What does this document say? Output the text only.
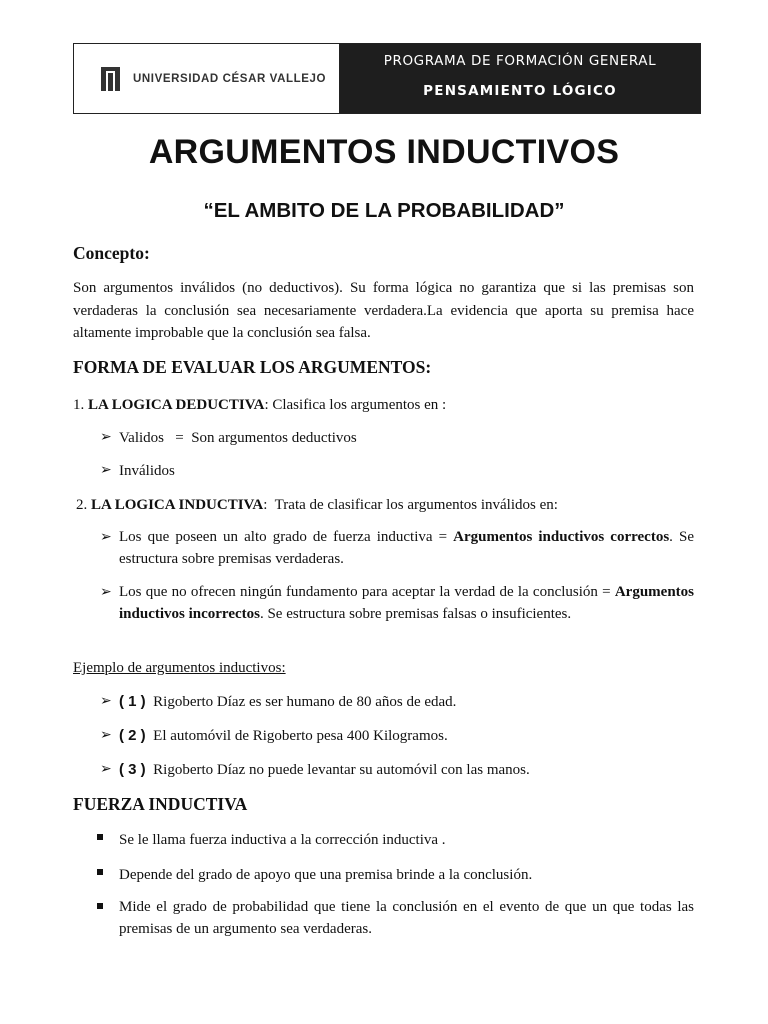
UNIVERSIDAD CÉSAR VALLEJO
PROGRAMA DE FORMACIÓN GENERAL
PENSAMIENTO LÓGICO
ARGUMENTOS INDUCTIVOS
“EL AMBITO DE LA PROBABILIDAD”
Concepto:
Son argumentos inválidos (no deductivos). Su forma lógica no garantiza que si las premisas son verdaderas la conclusión sea necesariamente verdadera.La evidencia que aporta su premisa hace altamente improbable que la conclusión sea falsa.
FORMA DE EVALUAR LOS ARGUMENTOS:
1. LA LOGICA DEDUCTIVA: Clasifica los argumentos en :
➢ Validos   =  Son argumentos deductivos
➢ Inválidos
2. LA LOGICA INDUCTIVA:  Trata de clasificar los argumentos inválidos en:
➢ Los que poseen un alto grado de fuerza inductiva = Argumentos inductivos correctos. Se estructura sobre premisas verdaderas.
➢ Los que no ofrecen ningún fundamento para aceptar la verdad de la conclusión = Argumentos inductivos incorrectos. Se estructura sobre premisas falsas o insuficientes.
Ejemplo de argumentos inductivos:
➢ ( 1 ) Rigoberto Díaz es ser humano de 80 años de edad.
➢ ( 2 ) El automóvil de Rigoberto pesa 400 Kilogramos.
➢ ( 3 ) Rigoberto Díaz no puede levantar su automóvil con las manos.
FUERZA INDUCTIVA
Se le llama fuerza inductiva a la corrección inductiva .
Depende del grado de apoyo que una premisa brinde a la conclusión.
Mide el grado de probabilidad que tiene la conclusión en el evento de que un que todas las premisas de un argumento sea verdaderas.
